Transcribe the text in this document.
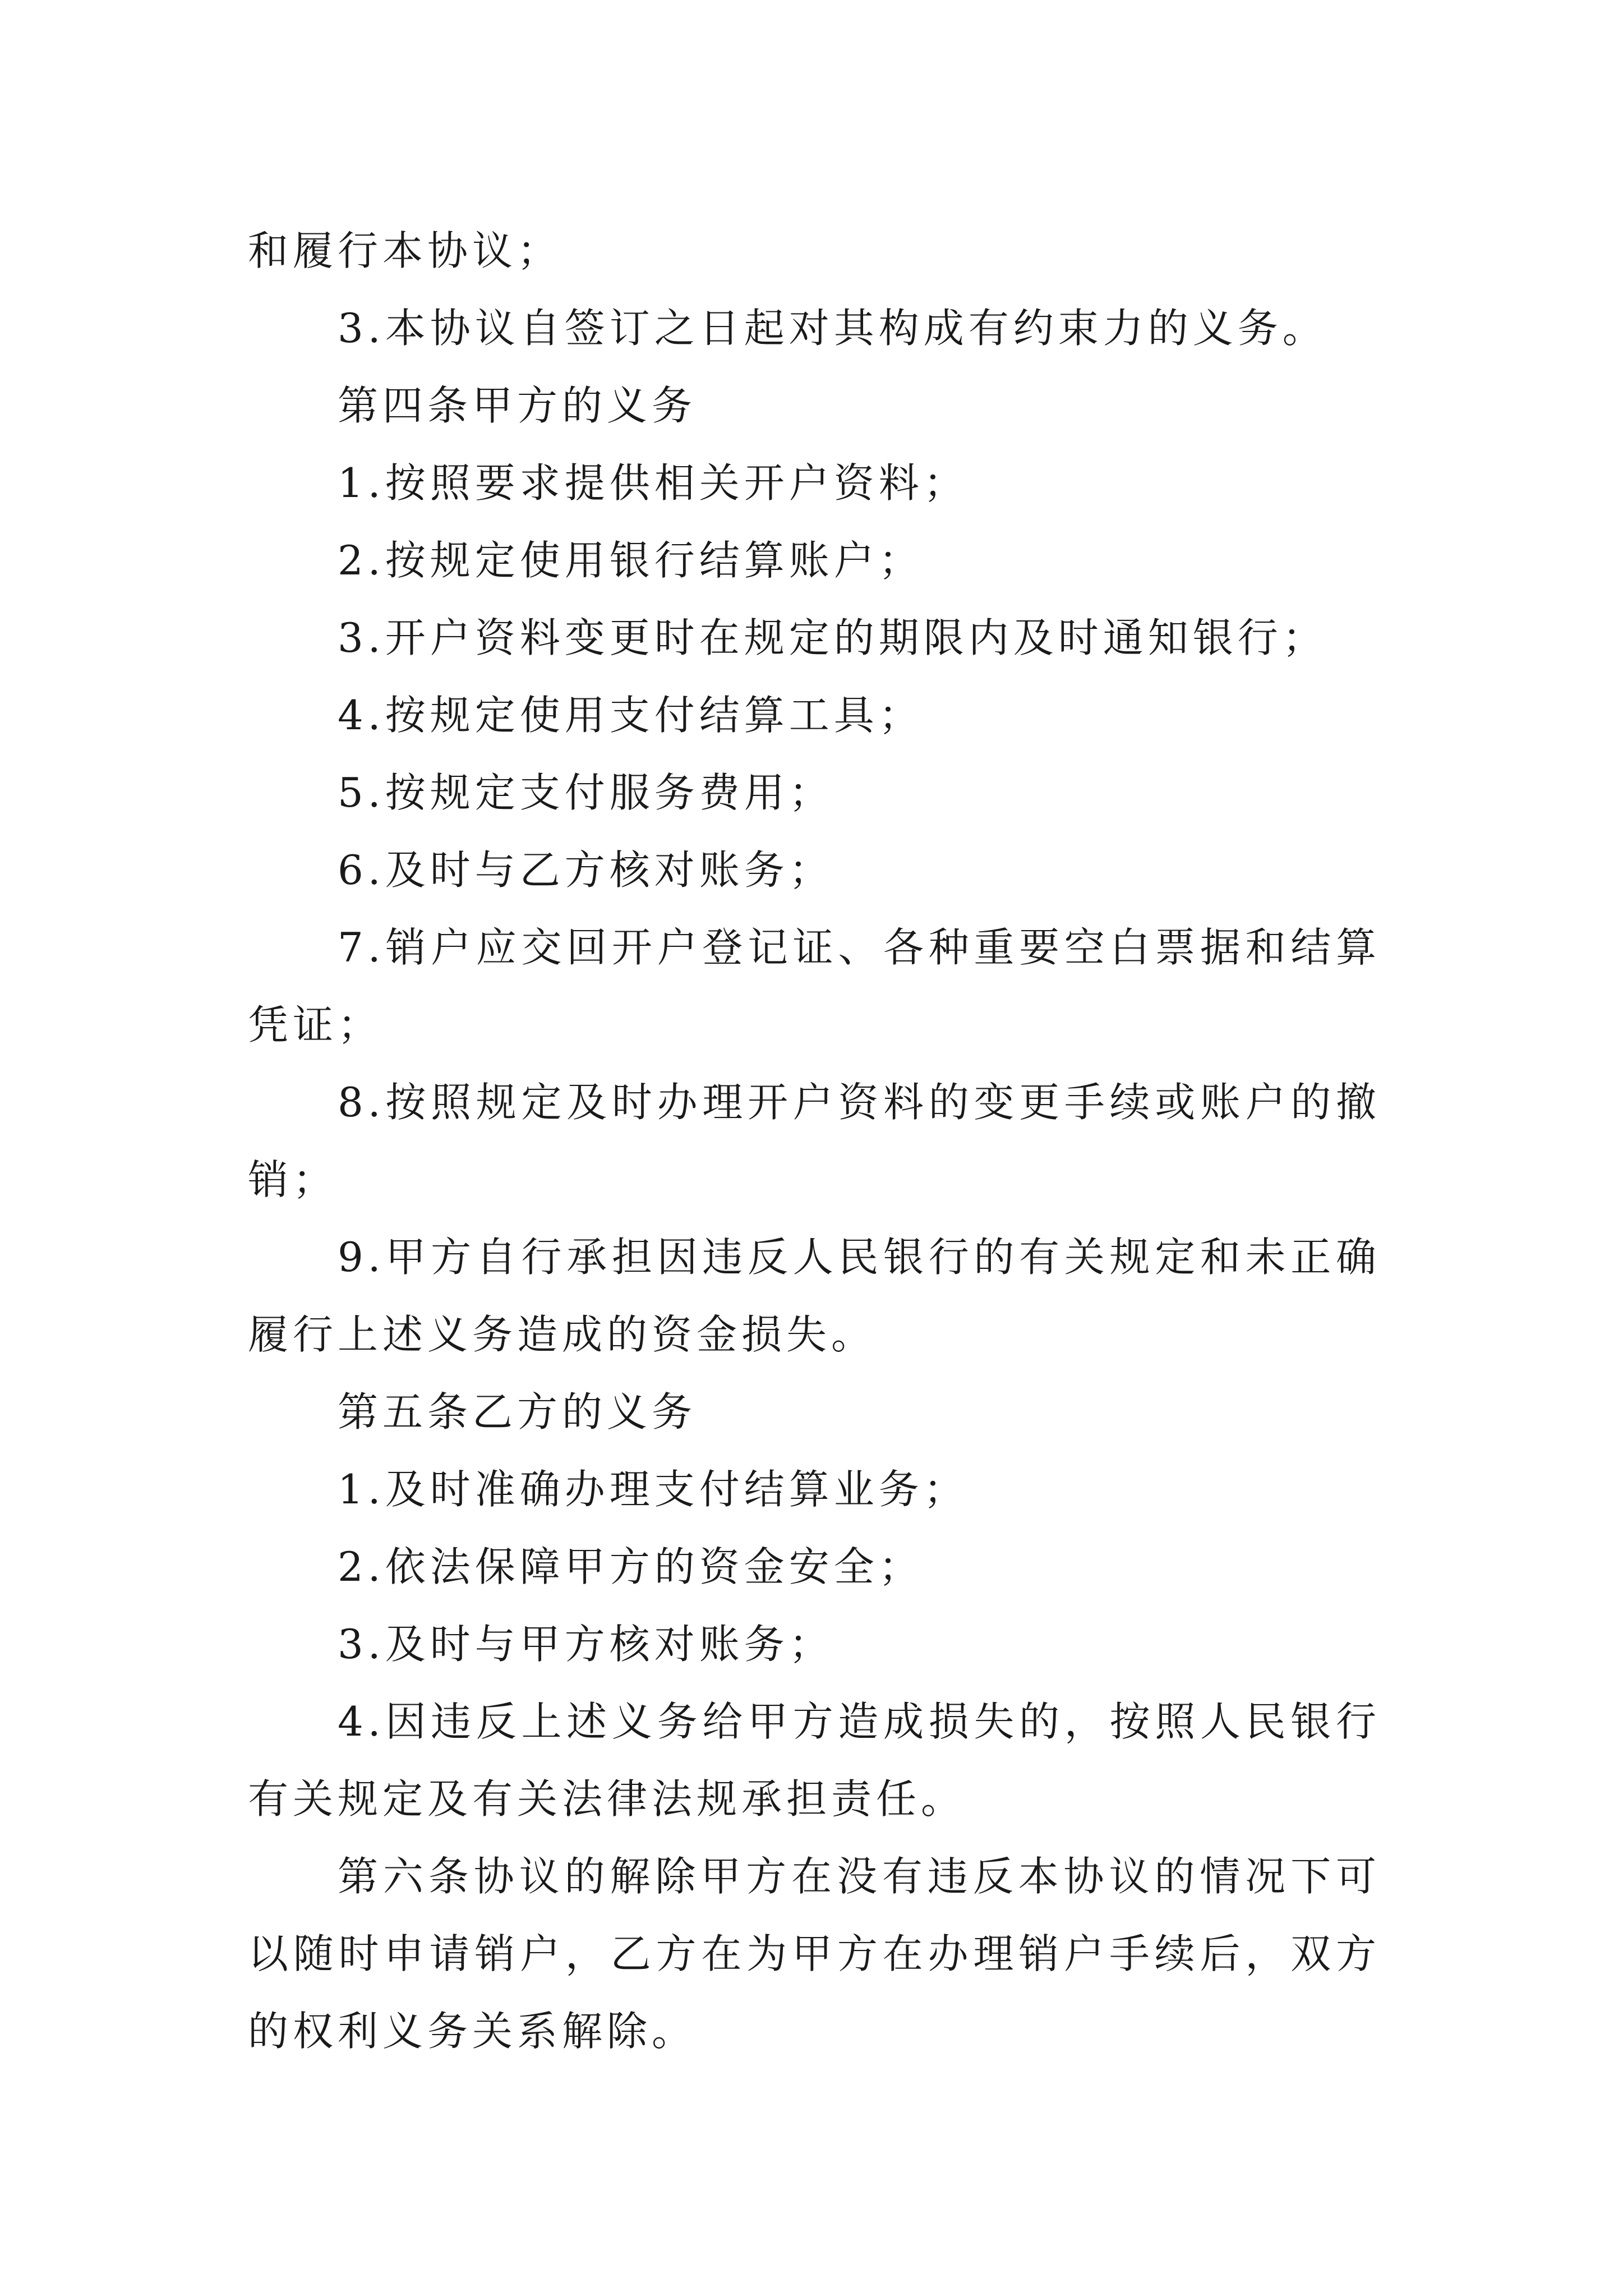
和履行本协议；

3.本协议自签订之日起对其构成有约束力的义务。

第四条甲方的义务

1.按照要求提供相关开户资料；

2.按规定使用银行结算账户；

3.开户资料变更时在规定的期限内及时通知银行；

4.按规定使用支付结算工具；

5.按规定支付服务费用；

6.及时与乙方核对账务；

7.销户应交回开户登记证、各种重要空白票据和结算凭证；

8.按照规定及时办理开户资料的变更手续或账户的撤销；

9.甲方自行承担因违反人民银行的有关规定和未正确履行上述义务造成的资金损失。

第五条乙方的义务

1.及时准确办理支付结算业务；

2.依法保障甲方的资金安全；

3.及时与甲方核对账务；

4.因违反上述义务给甲方造成损失的，按照人民银行有关规定及有关法律法规承担责任。

第六条协议的解除甲方在没有违反本协议的情况下可以随时申请销户，乙方在为甲方在办理销户手续后，双方的权利义务关系解除。
